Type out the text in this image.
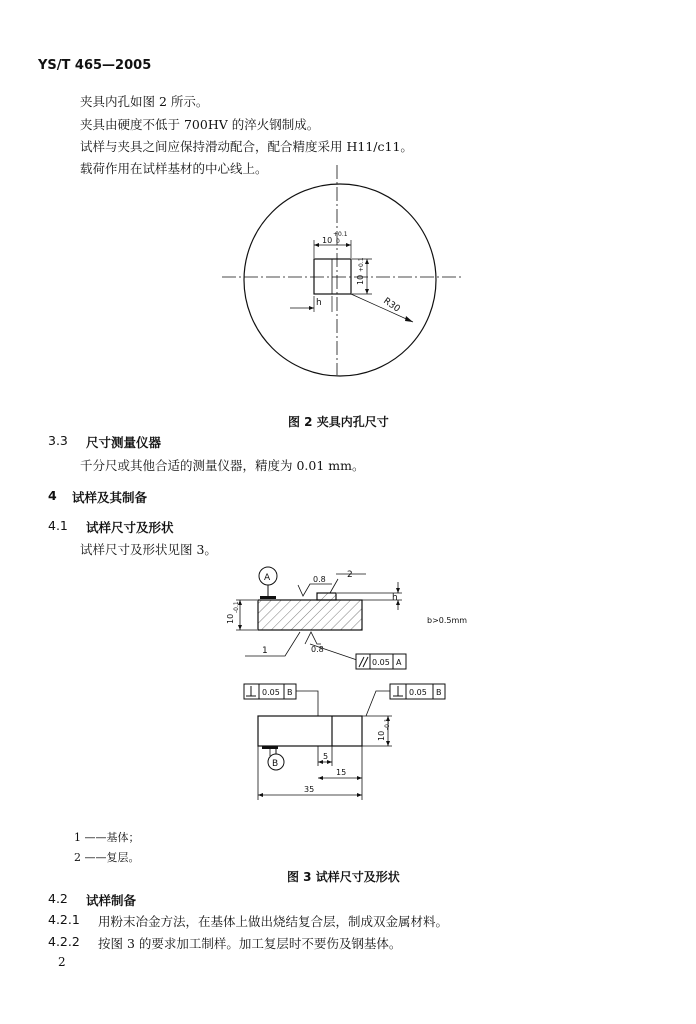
YS/T 465—2005
夹具内孔如图 2 所示。
夹具由硬度不低于 700HV 的淬火钢制成。
试样与夹具之间应保持滑动配合，配合精度采用 H11/c11。
载荷作用在试样基材的中心线上。
10
+0.1
0
10
+0.1
h	R30
图 2 夹具内孔尺寸
3.3 尺寸测量仪器
千分尺或其他合适的测量仪器，精度为 0.01 mm。
4 试样及其制备
4.1 试样尺寸及形状
试样尺寸及形状见图 3。
A	0.8
0.8
2
1
h
10
-0.1
b>0.5mm
0.05 A
0.05 B	0.05 B
B
5
15
35
10
-0.1
1 ——基体；
2 ——复层。
图 3 试样尺寸及形状
4.2 试样制备
4.2.1 用粉末冶金方法，在基体上做出烧结复合层，制成双金属材料。
4.2.2 按图 3 的要求加工制样。加工复层时不要伤及钢基体。
2
